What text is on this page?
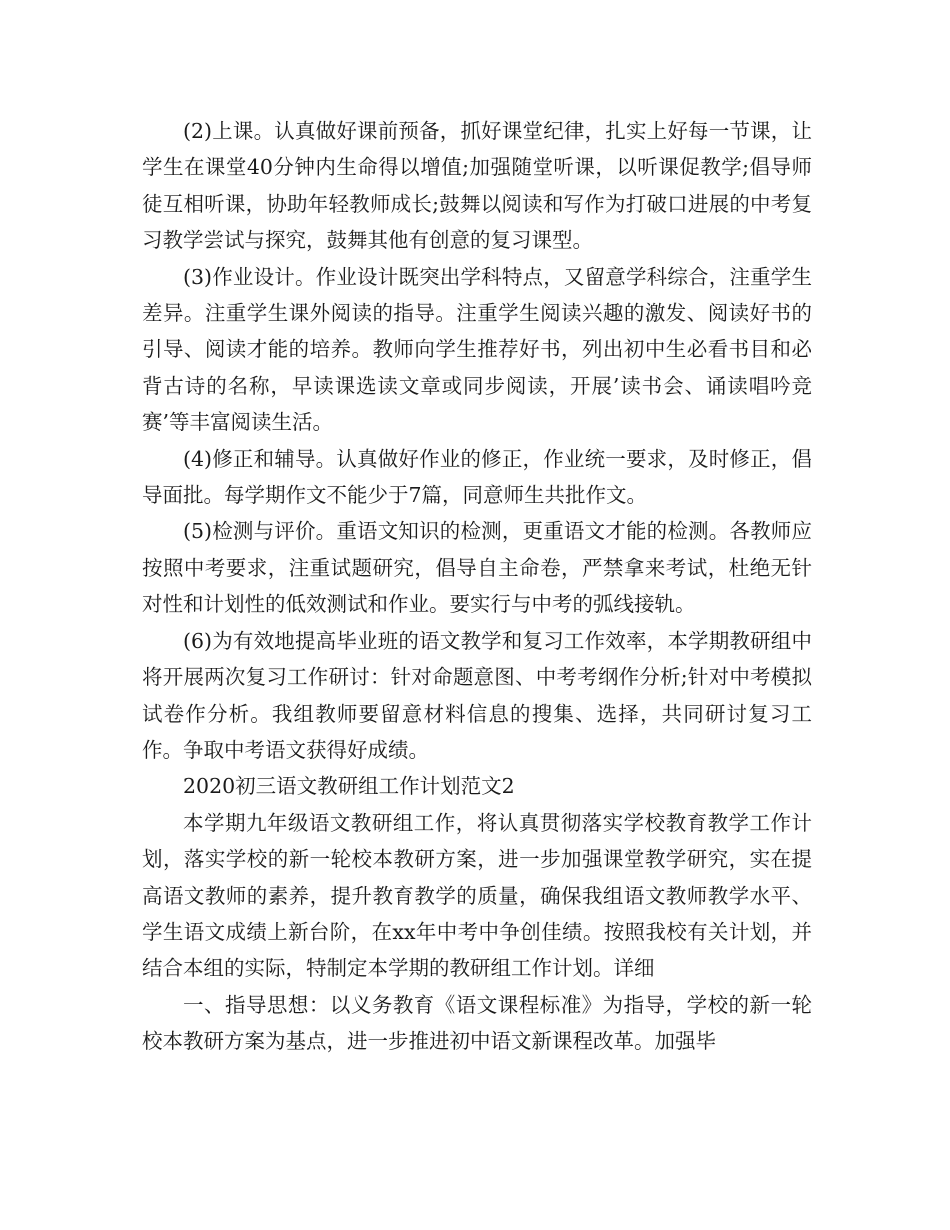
(2)上课。认真做好课前预备，抓好课堂纪律，扎实上好每一节课，让学生在课堂40分钟内生命得以增值;加强随堂听课，以听课促教学;倡导师徒互相听课，协助年轻教师成长;鼓舞以阅读和写作为打破口进展的中考复习教学尝试与探究，鼓舞其他有创意的复习课型。

(3)作业设计。作业设计既突出学科特点，又留意学科综合，注重学生差异。注重学生课外阅读的指导。注重学生阅读兴趣的激发、阅读好书的引导、阅读才能的培养。教师向学生推荐好书，列出初中生必看书目和必背古诗的名称，早读课选读文章或同步阅读，开展’读书会、诵读唱吟竞赛’等丰富阅读生活。

(4)修正和辅导。认真做好作业的修正，作业统一要求，及时修正，倡导面批。每学期作文不能少于7篇，同意师生共批作文。

(5)检测与评价。重语文知识的检测，更重语文才能的检测。各教师应按照中考要求，注重试题研究，倡导自主命卷，严禁拿来考试，杜绝无针对性和计划性的低效测试和作业。要实行与中考的弧线接轨。

(6)为有效地提高毕业班的语文教学和复习工作效率，本学期教研组中将开展两次复习工作研讨：针对命题意图、中考考纲作分析;针对中考模拟试卷作分析。我组教师要留意材料信息的搜集、选择，共同研讨复习工作。争取中考语文获得好成绩。

2020初三语文教研组工作计划范文2

本学期九年级语文教研组工作，将认真贯彻落实学校教育教学工作计划，落实学校的新一轮校本教研方案，进一步加强课堂教学研究，实在提高语文教师的素养，提升教育教学的质量，确保我组语文教师教学水平、学生语文成绩上新台阶，在xx年中考中争创佳绩。按照我校有关计划，并结合本组的实际，特制定本学期的教研组工作计划。详细

一、指导思想：以义务教育《语文课程标准》为指导，学校的新一轮校本教研方案为基点，进一步推进初中语文新课程改革。加强毕
